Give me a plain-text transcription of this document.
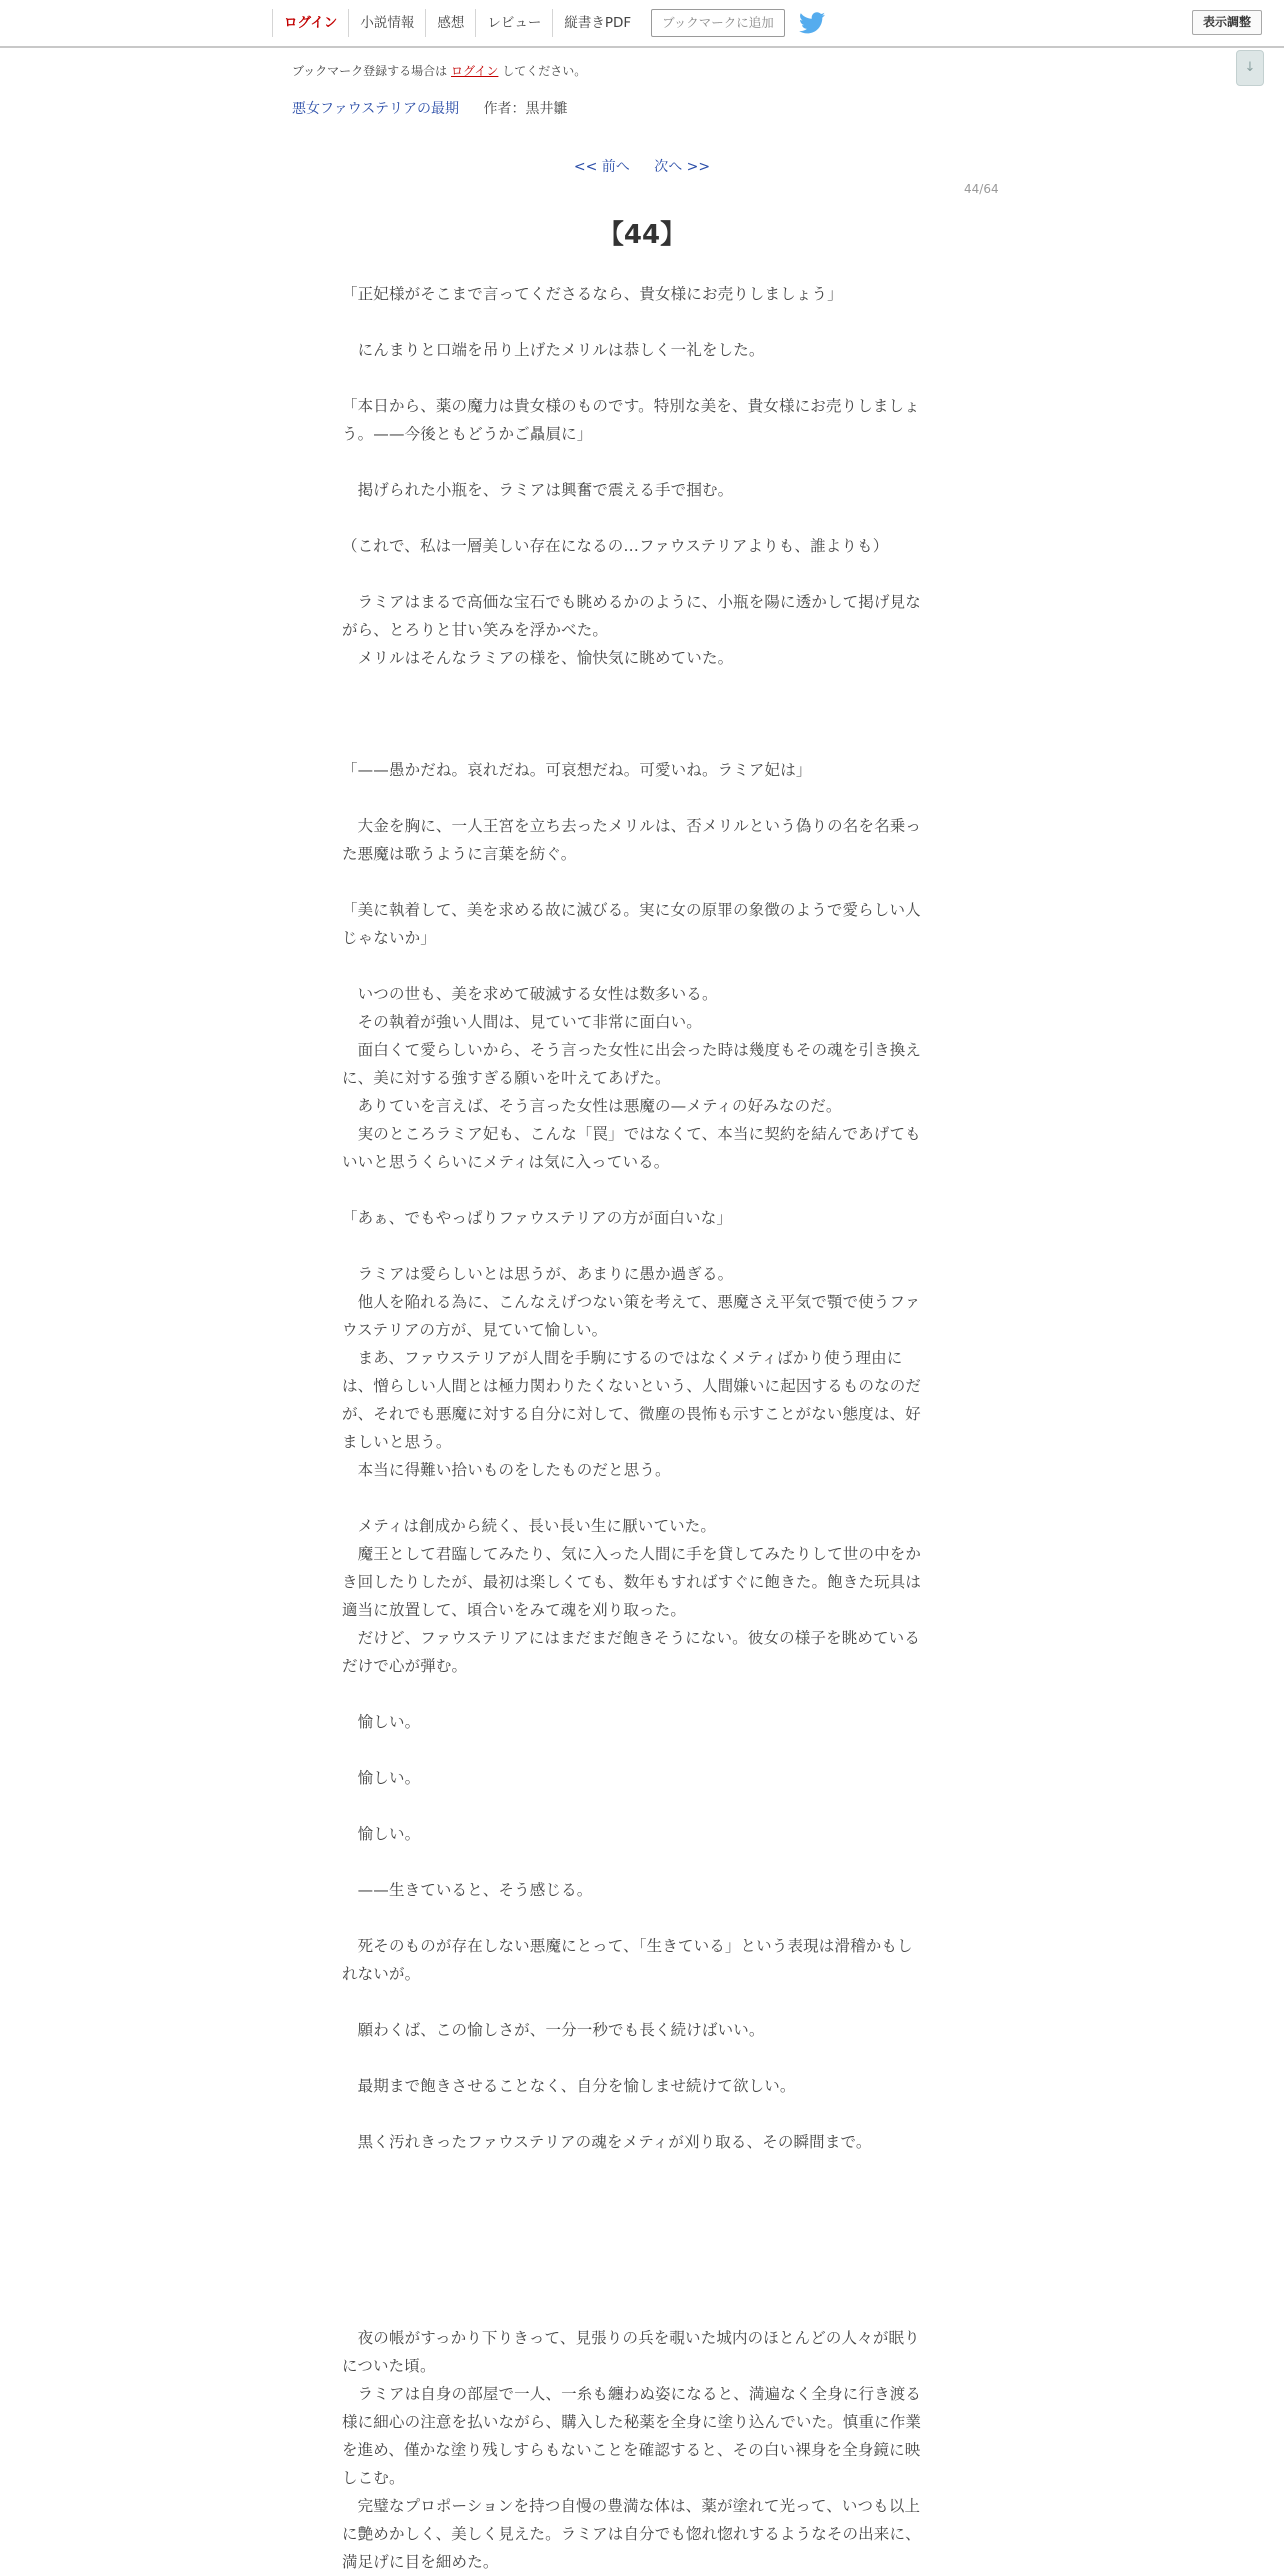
ログイン	小説情報	感想	レビュー	縦書きPDF	ブックマークに追加	表示調整
↓
ブックマーク登録する場合は ログイン してください。
悪女ファウステリアの最期 作者：黒井雛
<< 前へ 次へ >>
44/64
【44】
「正妃様がそこまで言ってくださるなら、貴女様にお売りしましょう」
　にんまりと口端を吊り上げたメリルは恭しく一礼をした。
「本日から、薬の魔力は貴女様のものです。特別な美を、貴女様にお売りしましょ
う。——今後ともどうかご贔屓に」
　掲げられた小瓶を、ラミアは興奮で震える手で掴む。
（これで、私は一層美しい存在になるの…ファウステリアよりも、誰よりも）
　ラミアはまるで高価な宝石でも眺めるかのように、小瓶を陽に透かして掲げ見な
がら、とろりと甘い笑みを浮かべた。
　メリルはそんなラミアの様を、愉快気に眺めていた。
「——愚かだね。哀れだね。可哀想だね。可愛いね。ラミア妃は」
　大金を胸に、一人王宮を立ち去ったメリルは、否メリルという偽りの名を名乗っ
た悪魔は歌うように言葉を紡ぐ。
「美に執着して、美を求める故に滅びる。実に女の原罪の象徴のようで愛らしい人
じゃないか」
　いつの世も、美を求めて破滅する女性は数多いる。
　その執着が強い人間は、見ていて非常に面白い。
　面白くて愛らしいから、そう言った女性に出会った時は幾度もその魂を引き換え
に、美に対する強すぎる願いを叶えてあげた。
　ありていを言えば、そう言った女性は悪魔の—メティの好みなのだ。
　実のところラミア妃も、こんな「罠」ではなくて、本当に契約を結んであげても
いいと思うくらいにメティは気に入っている。
「あぁ、でもやっぱりファウステリアの方が面白いな」
　ラミアは愛らしいとは思うが、あまりに愚か過ぎる。
　他人を陥れる為に、こんなえげつない策を考えて、悪魔さえ平気で顎で使うファ
ウステリアの方が、見ていて愉しい。
　まあ、ファウステリアが人間を手駒にするのではなくメティばかり使う理由に
は、憎らしい人間とは極力関わりたくないという、人間嫌いに起因するものなのだ
が、それでも悪魔に対する自分に対して、微塵の畏怖も示すことがない態度は、好
ましいと思う。
　本当に得難い拾いものをしたものだと思う。
　メティは創成から続く、長い長い生に厭いていた。
　魔王として君臨してみたり、気に入った人間に手を貸してみたりして世の中をか
き回したりしたが、最初は楽しくても、数年もすればすぐに飽きた。飽きた玩具は
適当に放置して、頃合いをみて魂を刈り取った。
　だけど、ファウステリアにはまだまだ飽きそうにない。彼女の様子を眺めている
だけで心が弾む。
　愉しい。
　愉しい。
　愉しい。
　——生きていると、そう感じる。
　死そのものが存在しない悪魔にとって、「生きている」という表現は滑稽かもし
れないが。
　願わくば、この愉しさが、一分一秒でも長く続けばいい。
　最期まで飽きさせることなく、自分を愉しませ続けて欲しい。
　黒く汚れきったファウステリアの魂をメティが刈り取る、その瞬間まで。
　夜の帳がすっかり下りきって、見張りの兵を覗いた城内のほとんどの人々が眠り
についた頃。
　ラミアは自身の部屋で一人、一糸も纏わぬ姿になると、満遍なく全身に行き渡る
様に細心の注意を払いながら、購入した秘薬を全身に塗り込んでいた。慎重に作業
を進め、僅かな塗り残しすらもないことを確認すると、その白い裸身を全身鏡に映
しこむ。
　完璧なプロポーションを持つ自慢の豊満な体は、薬が塗れて光って、いつも以上
に艶めかしく、美しく見えた。ラミアは自分でも惚れ惚れするようなその出来に、
満足げに目を細めた。
